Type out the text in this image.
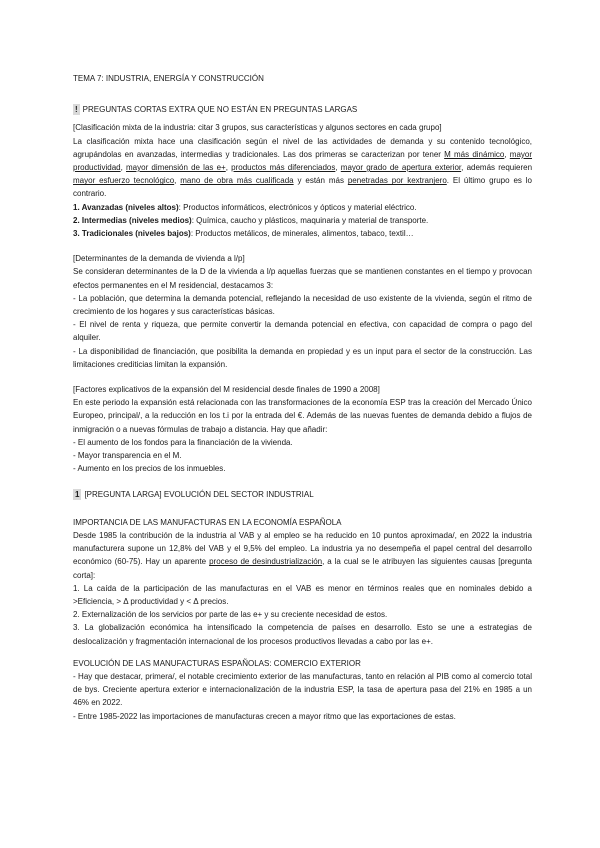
TEMA 7: INDUSTRIA, ENERGÍA Y CONSTRUCCIÓN

! PREGUNTAS CORTAS EXTRA QUE NO ESTÁN EN PREGUNTAS LARGAS

[Clasificación mixta de la industria: citar 3 grupos, sus características y algunos sectores en cada grupo]

La clasificación mixta hace una clasificación según el nivel de las actividades de demanda y su contenido tecnológico, agrupándolas en avanzadas, intermedias y tradicionales. Las dos primeras se caracterizan por tener M más dinámico, mayor productividad, mayor dimensión de las e+, productos más diferenciados, mayor grado de apertura exterior, además requieren mayor esfuerzo tecnológico, mano de obra más cualificada y están más penetradas por kextranjero. El último grupo es lo contrario.

1. Avanzadas (niveles altos): Productos informáticos, electrónicos y ópticos y material eléctrico.

2. Intermedias (niveles medios): Química, caucho y plásticos, maquinaria y material de transporte.

3. Tradicionales (niveles bajos): Productos metálicos, de minerales, alimentos, tabaco, textil…

[Determinantes de la demanda de vivienda a l/p]

Se consideran determinantes de la D de la vivienda a l/p aquellas fuerzas que se mantienen constantes en el tiempo y provocan efectos permanentes en el M residencial, destacamos 3:

- La población, que determina la demanda potencial, reflejando la necesidad de uso existente de la vivienda, según el ritmo de crecimiento de los hogares y sus características básicas.

- El nivel de renta y riqueza, que permite convertir la demanda potencial en efectiva, con capacidad de compra o pago del alquiler.

- La disponibilidad de financiación, que posibilita la demanda en propiedad y es un input para el sector de la construcción. Las limitaciones crediticias limitan la expansión.

[Factores explicativos de la expansión del M residencial desde finales de 1990 a 2008]

En este periodo la expansión está relacionada con las transformaciones de la economía ESP tras la creación del Mercado Único Europeo, principal/, a la reducción en los t.i por la entrada del €. Además de las nuevas fuentes de demanda debido a flujos de inmigración o a nuevas fórmulas de trabajo a distancia. Hay que añadir:

- El aumento de los fondos para la financiación de la vivienda.

- Mayor transparencia en el M.

- Aumento en los precios de los inmuebles.

1 [PREGUNTA LARGA] EVOLUCIÓN DEL SECTOR INDUSTRIAL

IMPORTANCIA DE LAS MANUFACTURAS EN LA ECONOMÍA ESPAÑOLA

Desde 1985 la contribución de la industria al VAB y al empleo se ha reducido en 10 puntos aproximada/, en 2022 la industria manufacturera supone un 12,8% del VAB y el 9,5% del empleo. La industria ya no desempeña el papel central del desarrollo económico (60-75). Hay un aparente proceso de desindustrialización, a la cual se le atribuyen las siguientes causas [pregunta corta]:

1. La caída de la participación de las manufacturas en el VAB es menor en términos reales que en nominales debido a >Eficiencia, > Δ productividad y < Δ precios.

2. Externalización de los servicios por parte de las e+ y su creciente necesidad de estos.

3. La globalización económica ha intensificado la competencia de países en desarrollo. Esto se une a estrategias de deslocalización y fragmentación internacional de los procesos productivos llevadas a cabo por las e+.

EVOLUCIÓN DE LAS MANUFACTURAS ESPAÑOLAS: COMERCIO EXTERIOR

- Hay que destacar, primera/, el notable crecimiento exterior de las manufacturas, tanto en relación al PIB como al comercio total de bys. Creciente apertura exterior e internacionalización de la industria ESP, la tasa de apertura pasa del 21% en 1985 a un 46% en 2022.

- Entre 1985-2022 las importaciones de manufacturas crecen a mayor ritmo que las exportaciones de estas.
